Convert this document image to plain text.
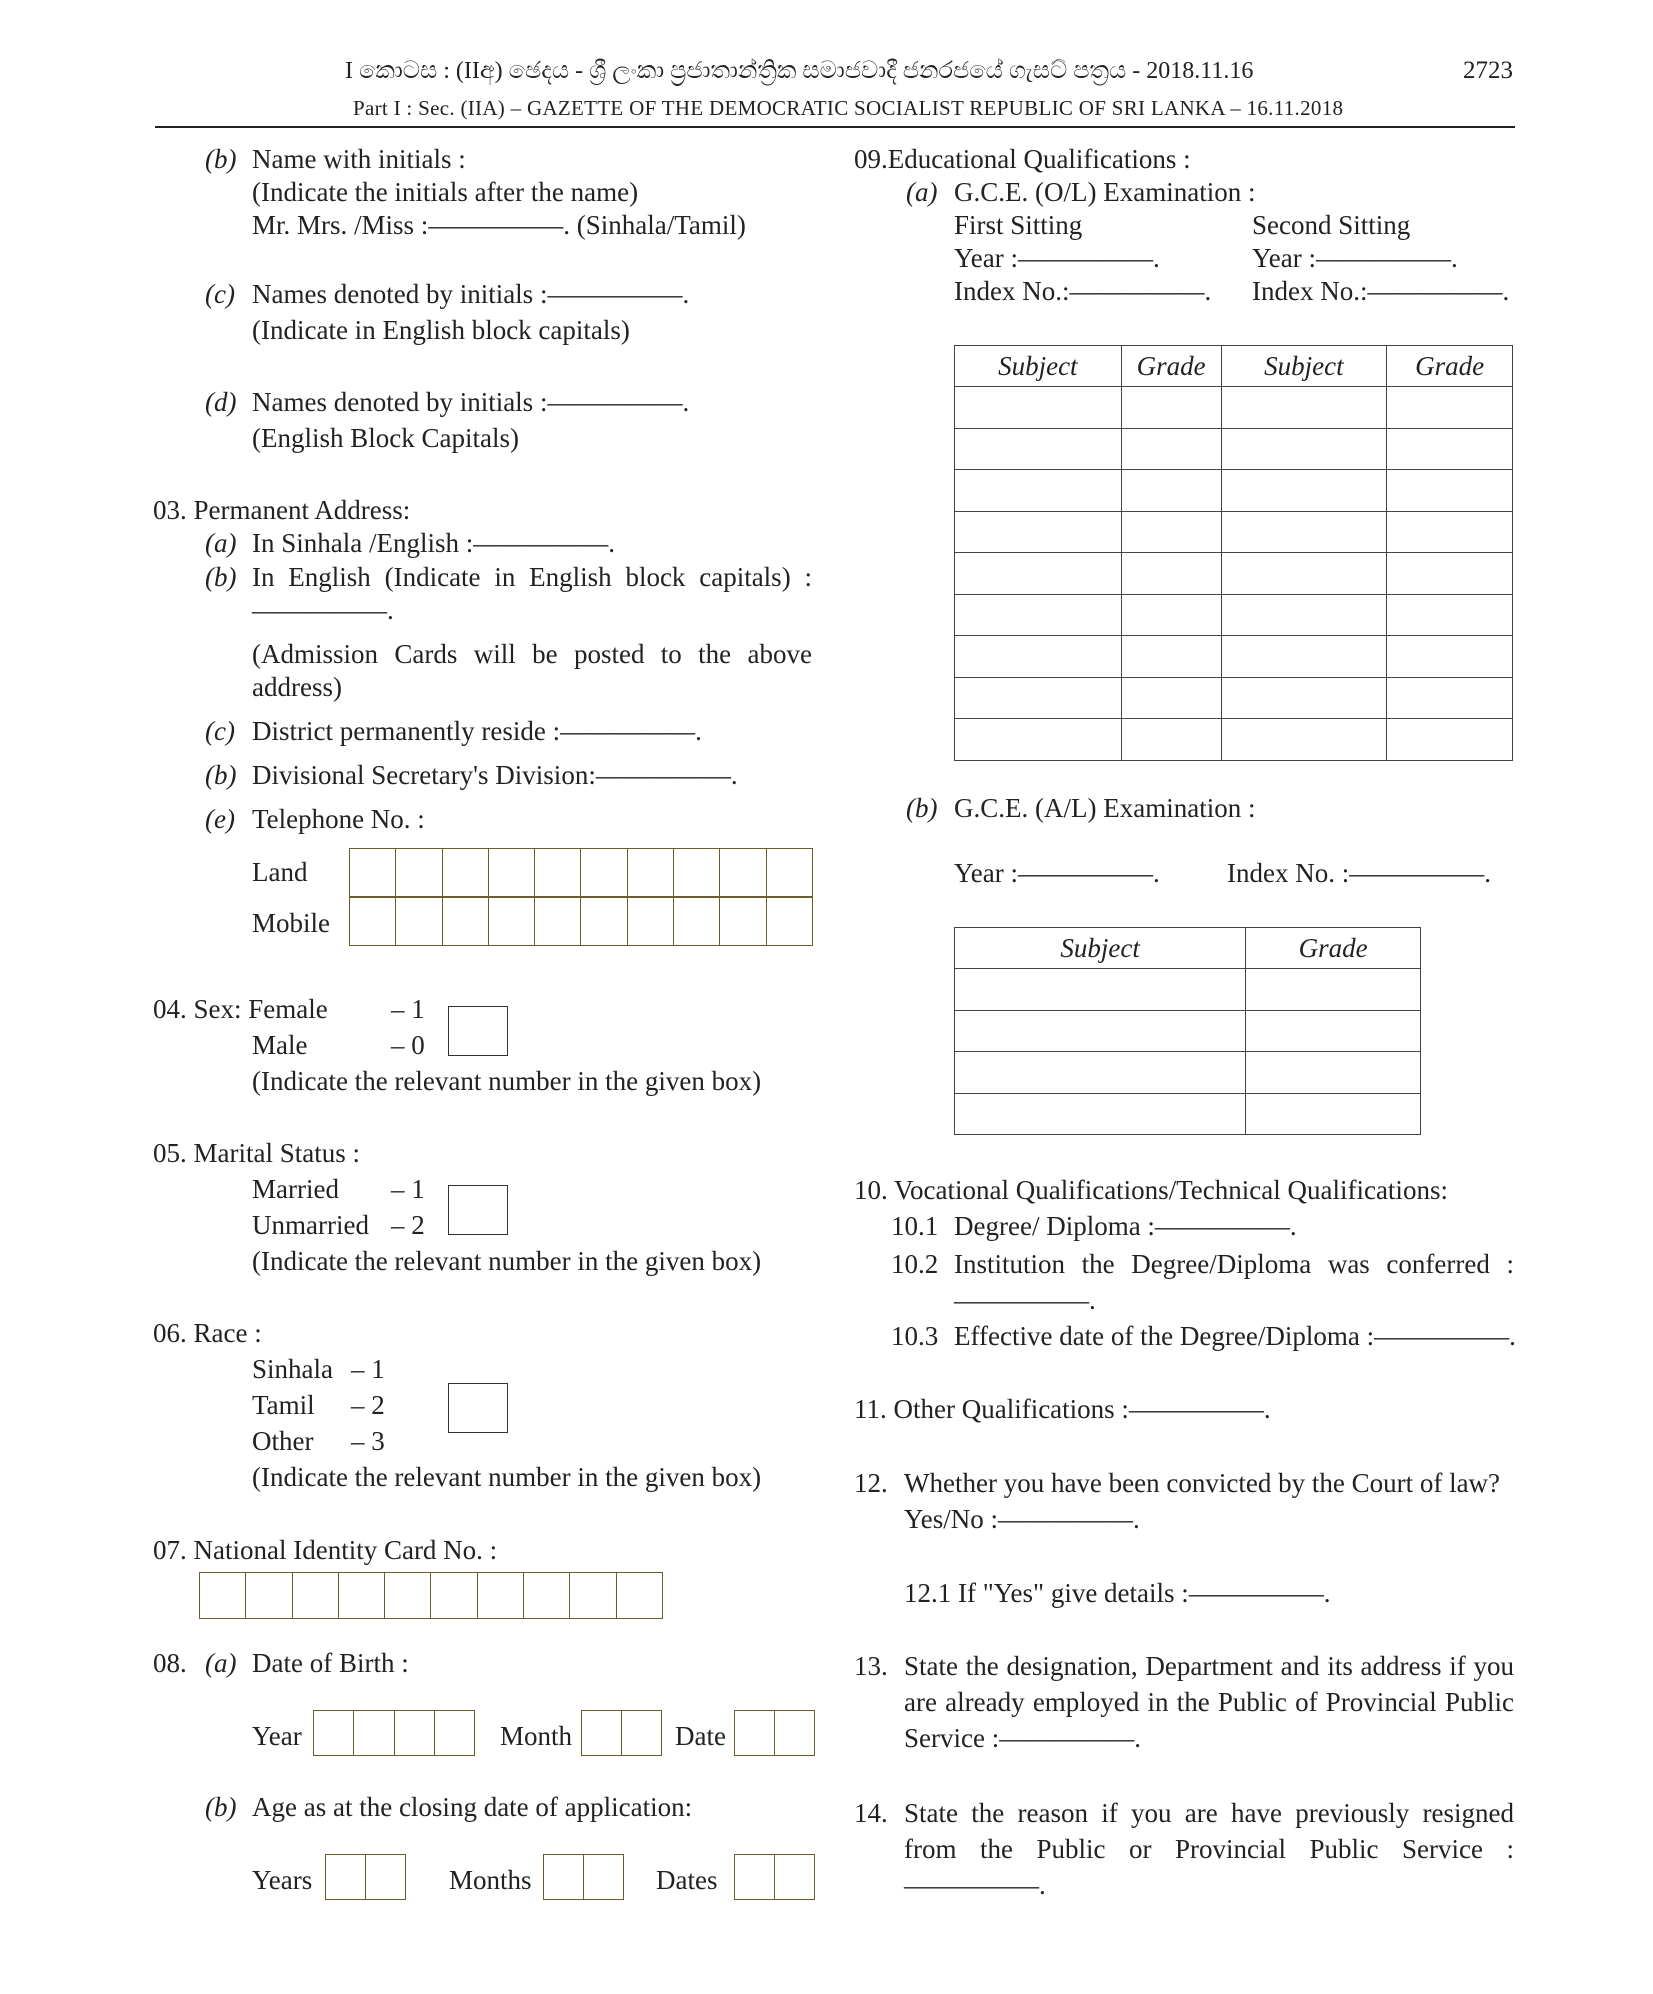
I කොටස : (IIඅ) ඡෙදය - ශ්‍රී ලංකා ප්‍රජාතාන්ත්‍රික සමාජවාදී ජනරජයේ ගැසට් පත්‍රය - 2018.11.16	2723
Part I : Sec. (IIA) – GAZETTE OF THE DEMOCRATIC SOCIALIST REPUBLIC OF SRI LANKA – 16.11.2018
(b) Name with initials :
(Indicate the initials after the name)
Mr. Mrs. /Miss :—————. (Sinhala/Tamil)
(c) Names denoted by initials :—————.
(Indicate in English block capitals)
(d) Names denoted by initials :—————.
(English Block Capitals)
03. Permanent Address:
(a) In Sinhala /English :—————.
(b) In English (Indicate in English block capitals) :
—————.
(Admission Cards will be posted to the above
address)
(c) District permanently reside :—————.
(b) Divisional Secretary's Division:—————.
(e) Telephone No. :
Land
Mobile
04. Sex: Female – 1
Male	– 0
(Indicate the relevant number in the given box)
05. Marital Status :
Married – 1
Unmarried – 2
(Indicate the relevant number in the given box)
06. Race :
Sinhala – 1
Tamil – 2
Other – 3
(Indicate the relevant number in the given box)
07. National Identity Card No. :
08. (a) Date of Birth :
Year	Month	Date
(b) Age as at the closing date of application:
Years	Months	Dates
09.Educational Qualifications :
(a) G.C.E. (O/L) Examination :
First Sitting	Second Sitting
Year :—————.	Year :—————.
Index No.:—————. Index No.:—————.
Subject	Grade	Subject	Grade

(b) G.C.E. (A/L) Examination :
Year :—————. Index No. :—————.
Subject	Grade

10. Vocational Qualifications/Technical Qualifications:
10.1 Degree/ Diploma :—————.
10.2 Institution the Degree/Diploma was conferred :
—————.
10.3 Effective date of the Degree/Diploma :—————.
11. Other Qualifications :—————.
12. Whether you have been convicted by the Court of law?
Yes/No :—————.
12.1 If "Yes" give details :—————.
13. State the designation, Department and its address if you
are already employed in the Public of Provincial Public
Service :—————.
14. State the reason if you are have previously resigned
from the Public or Provincial Public Service :
—————.
